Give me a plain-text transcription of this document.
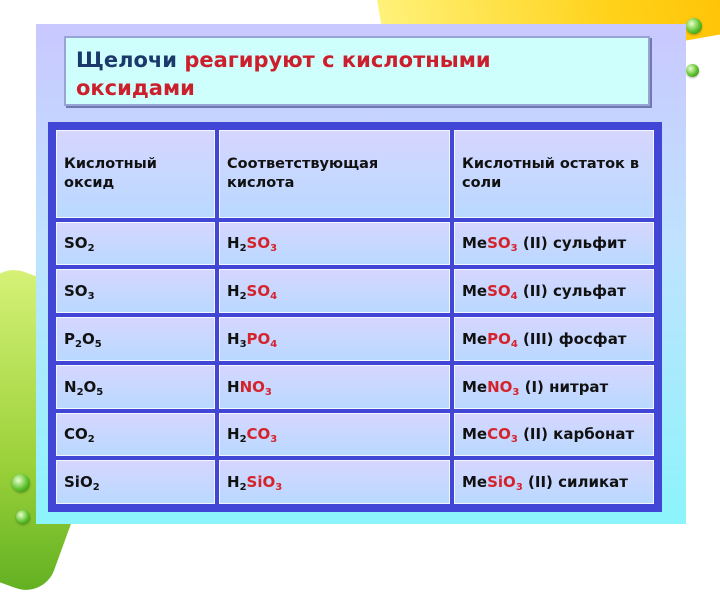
Щелочи реагируют с кислотными
оксидами

Кислотный оксид	Соответствующая кислота	Кислотный остаток в соли
$SO_2$	$H_2SO_3$	MeSO$_3$ (II) сульфит
$SO_3$	$H_2SO_4$	MeSO$_4$ (II) сульфат
$P_2O_5$	$H_3PO_4$	MePO$_4$ (III) фосфат
$N_2O_5$	$HNO_3$	MeNO$_3$ (I) нитрат
$CO_2$	$H_2CO_3$	MeCO$_3$ (II) карбонат
SiO$_2$	$H_2SiO_3$	MeSiO$_3$ (II) силикат
